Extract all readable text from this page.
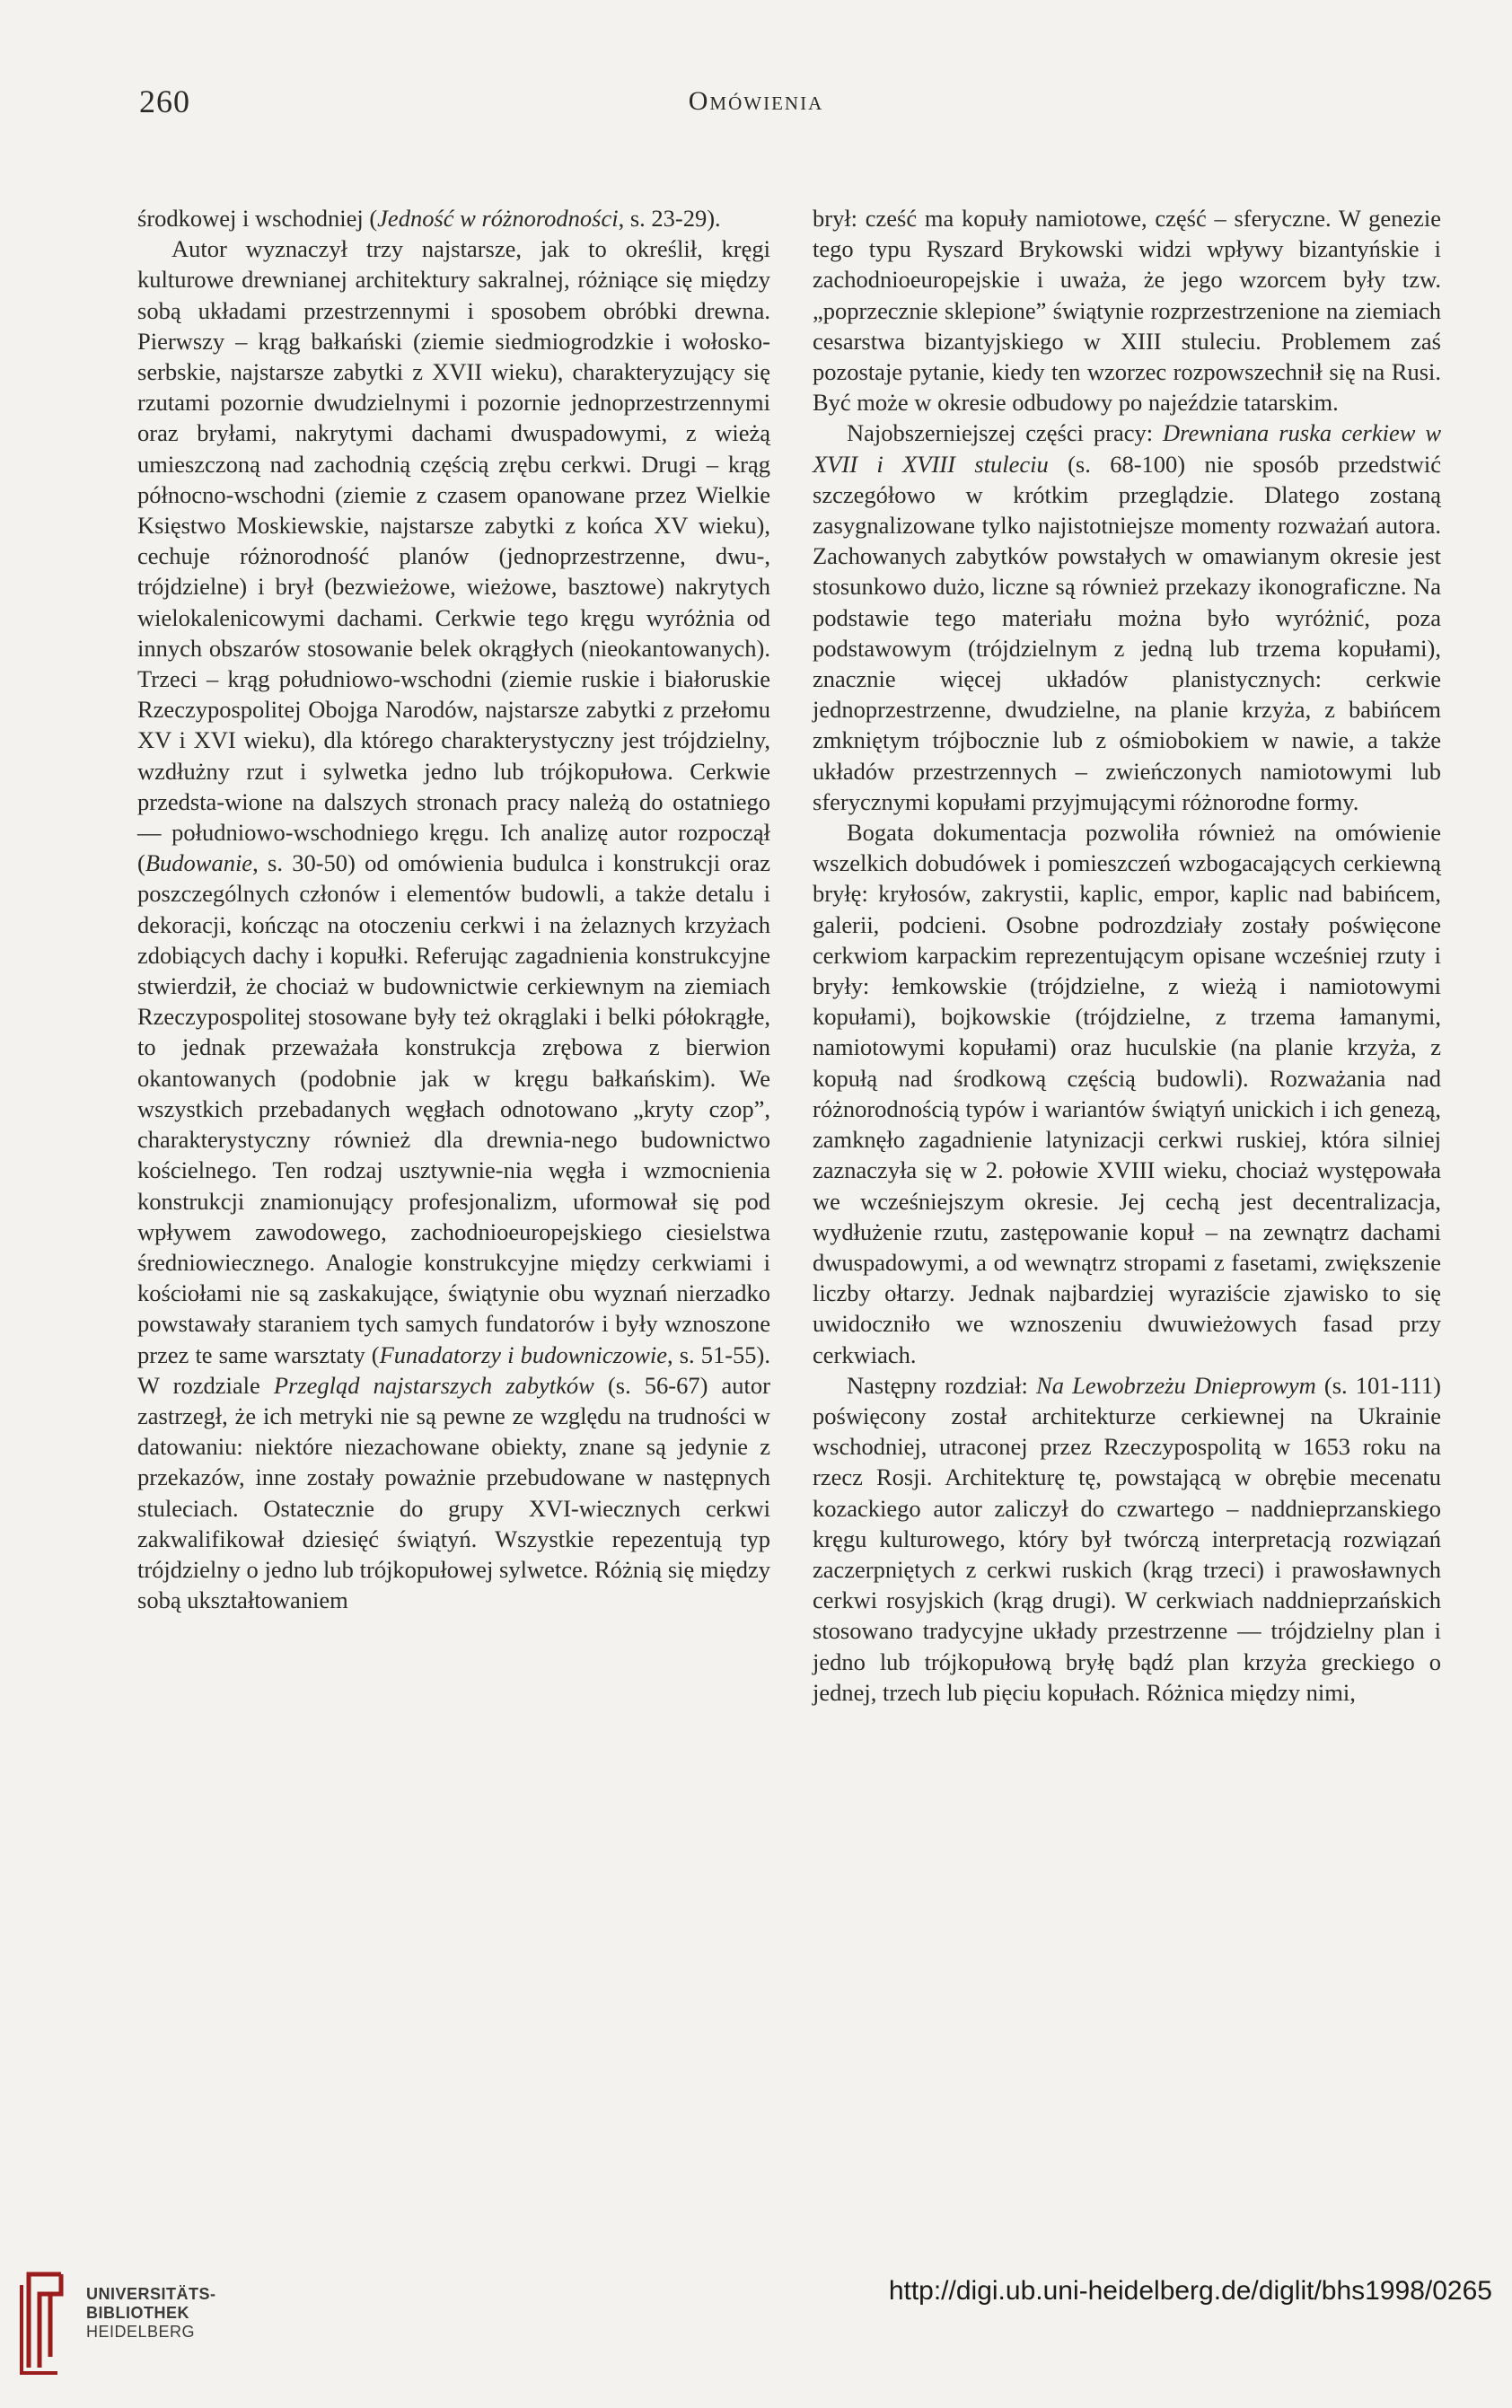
260	Omówienia

środkowej i wschodniej (Jedność w różnorodności, s. 23-29).

Autor wyznaczył trzy najstarsze, jak to określił, kręgi kulturowe drewnianej architektury sakralnej, różniące się między sobą układami przestrzennymi i sposobem obróbki drewna. Pierwszy – krąg bałkański (ziemie siedmiogrodzkie i wołosko-serbskie, najstarsze zabytki z XVII wieku), charakteryzujący się rzutami pozornie dwudzielnymi i pozornie jednoprzestrzennymi oraz bryłami, nakrytymi dachami dwuspadowymi, z wieżą umieszczoną nad zachodnią częścią zrębu cerkwi. Drugi – krąg północno-wschodni (ziemie z czasem opanowane przez Wielkie Księstwo Moskiewskie, najstarsze zabytki z końca XV wieku), cechuje różnorodność planów (jednoprzestrzenne, dwu-, trójdzielne) i brył (bezwieżowe, wieżowe, basztowe) nakrytych wielokalenicowymi dachami. Cerkwie tego kręgu wyróżnia od innych obszarów stosowanie belek okrągłych (nieokantowanych). Trzeci – krąg południowo-wschodni (ziemie ruskie i białoruskie Rzeczypospolitej Obojga Narodów, najstarsze zabytki z przełomu XV i XVI wieku), dla którego charakterystyczny jest trójdzielny, wzdłużny rzut i sylwetka jedno lub trójkopułowa. Cerkwie przedsta-wione na dalszych stronach pracy należą do ostatniego — południowo-wschodniego kręgu. Ich analizę autor rozpoczął (Budowanie, s. 30-50) od omówienia budulca i konstrukcji oraz poszczególnych członów i elementów budowli, a także detalu i dekoracji, kończąc na otoczeniu cerkwi i na żelaznych krzyżach zdobiących dachy i kopułki. Referując zagadnienia konstrukcyjne stwierdził, że chociaż w budownictwie cerkiewnym na ziemiach Rzeczypospolitej stosowane były też okrąglaki i belki półokrągłe, to jednak przeważała konstrukcja zrębowa z bierwion okantowanych (podobnie jak w kręgu bałkańskim). We wszystkich przebadanych węgłach odnotowano „kryty czop”, charakterystyczny również dla drewnia-nego budownictwo kościelnego. Ten rodzaj usztywnie-nia węgła i wzmocnienia konstrukcji znamionujący profesjonalizm, uformował się pod wpływem zawodowego, zachodnioeuropejskiego ciesielstwa średniowiecznego. Analogie konstrukcyjne między cerkwiami i kościołami nie są zaskakujące, świątynie obu wyznań nierzadko powstawały staraniem tych samych fundatorów i były wznoszone przez te same warsztaty (Funadatorzy i budowniczowie, s. 51-55). W rozdziale Przegląd najstarszych zabytków (s. 56-67) autor zastrzegł, że ich metryki nie są pewne ze względu na trudności w datowaniu: niektóre niezachowane obiekty, znane są jedynie z przekazów, inne zostały poważnie przebudowane w następnych stuleciach. Ostatecznie do grupy XVI-wiecznych cerkwi zakwalifikował dziesięć świątyń. Wszystkie repezentują typ trójdzielny o jedno lub trójkopułowej sylwetce. Różnią się między sobą ukształtowaniem

brył: cześć ma kopuły namiotowe, część – sferyczne. W genezie tego typu Ryszard Brykowski widzi wpływy bizantyńskie i zachodnioeuropejskie i uważa, że jego wzorcem były tzw. „poprzecznie sklepione” świątynie rozprzestrzenione na ziemiach cesarstwa bizantyjskiego w XIII stuleciu. Problemem zaś pozostaje pytanie, kiedy ten wzorzec rozpowszechnił się na Rusi. Być może w okresie odbudowy po najeździe tatarskim.

Najobszerniejszej części pracy: Drewniana ruska cerkiew w XVII i XVIII stuleciu (s. 68-100) nie sposób przedstwić szczegółowo w krótkim przeglądzie. Dlatego zostaną zasygnalizowane tylko najistotniejsze momenty rozważań autora. Zachowanych zabytków powstałych w omawianym okresie jest stosunkowo dużo, liczne są również przekazy ikonograficzne. Na podstawie tego materiału można było wyróżnić, poza podstawowym (trójdzielnym z jedną lub trzema kopułami), znacznie więcej układów planistycznych: cerkwie jednoprzestrzenne, dwudzielne, na planie krzyża, z babińcem zmkniętym trójbocznie lub z ośmiobokiem w nawie, a także układów przestrzennych – zwieńczonych namiotowymi lub sferycznymi kopułami przyjmującymi różnorodne formy.

Bogata dokumentacja pozwoliła również na omówienie wszelkich dobudówek i pomieszczeń wzbogacających cerkiewną bryłę: kryłosów, zakrystii, kaplic, empor, kaplic nad babińcem, galerii, podcieni. Osobne podrozdziały zostały poświęcone cerkwiom karpackim reprezentującym opisane wcześniej rzuty i bryły: łemkowskie (trójdzielne, z wieżą i namiotowymi kopułami), bojkowskie (trójdzielne, z trzema łamanymi, namiotowymi kopułami) oraz huculskie (na planie krzyża, z kopułą nad środkową częścią budowli). Rozważania nad różnorodnością typów i wariantów świątyń unickich i ich genezą, zamknęło zagadnienie latynizacji cerkwi ruskiej, która silniej zaznaczyła się w 2. połowie XVIII wieku, chociaż występowała we wcześniejszym okresie. Jej cechą jest decentralizacja, wydłużenie rzutu, zastępowanie kopuł – na zewnątrz dachami dwuspadowymi, a od wewnątrz stropami z fasetami, zwiększenie liczby ołtarzy. Jednak najbardziej wyraziście zjawisko to się uwidoczniło we wznoszeniu dwuwieżowych fasad przy cerkwiach.

Następny rozdział: Na Lewobrzeżu Dnieprowym (s. 101-111) poświęcony został architekturze cerkiewnej na Ukrainie wschodniej, utraconej przez Rzeczypospolitą w 1653 roku na rzecz Rosji. Architekturę tę, powstającą w obrębie mecenatu kozackiego autor zaliczył do czwartego – naddnieprzanskiego kręgu kulturowego, który był twórczą interpretacją rozwiązań zaczerpniętych z cerkwi ruskich (krąg trzeci) i prawosławnych cerkwi rosyjskich (krąg drugi). W cerkwiach naddnieprzańskich stosowano tradycyjne układy przestrzenne — trójdzielny plan i jedno lub trójkopułową bryłę bądź plan krzyża greckiego o jednej, trzech lub pięciu kopułach. Różnica między nimi,

UNIVERSITÄTS-
BIBLIOTHEK
HEIDELBERG
http://digi.ub.uni-heidelberg.de/diglit/bhs1998/0265
